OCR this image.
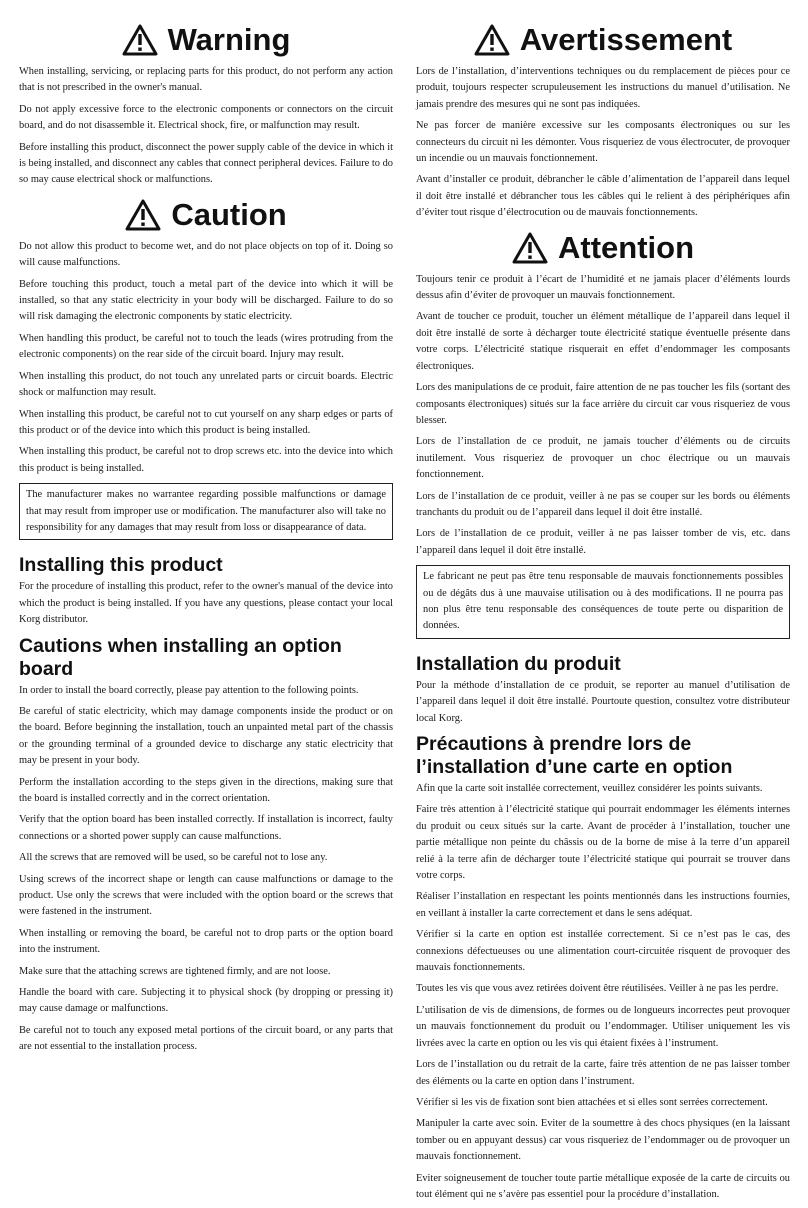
Warning

When installing, servicing, or replacing parts for this product, do not perform any action that is not prescribed in the owner's manual.

Do not apply excessive force to the electronic components or connectors on the circuit board, and do not disassemble it. Electrical shock, fire, or malfunction may result.

Before installing this product, disconnect the power supply cable of the device in which it is being installed, and disconnect any cables that connect peripheral devices. Failure to do so may cause electrical shock or malfunctions.

Caution

Do not allow this product to become wet, and do not place objects on top of it. Doing so will cause malfunctions.

Before touching this product, touch a metal part of the device into which it will be installed, so that any static electricity in your body will be discharged. Failure to do so will risk damaging the electronic components by static electricity.

When handling this product, be careful not to touch the leads (wires protruding from the electronic components) on the rear side of the circuit board. Injury may result.

When installing this product, do not touch any unrelated parts or circuit boards. Electric shock or malfunction may result.

When installing this product, be careful not to cut yourself on any sharp edges or parts of this product or of the device into which this product is being installed.

When installing this product, be careful not to drop screws etc. into the device into which this product is being installed.

The manufacturer makes no warrantee regarding possible malfunctions or damage that may result from improper use or modification. The manufacturer also will take no responsibility for any damages that may result from loss or disappearance of data.

Installing this product

For the procedure of installing this product, refer to the owner's manual of the device into which the product is being installed. If you have any questions, please contact your local Korg distributor.

Cautions when installing an option board

In order to install the board correctly, please pay attention to the following points.

Be careful of static electricity, which may damage components inside the product or on the board. Before beginning the installation, touch an unpainted metal part of the chassis or the grounding terminal of a grounded device to discharge any static electricity that may be present in your body.

Perform the installation according to the steps given in the directions, making sure that the board is installed correctly and in the correct orientation.

Verify that the option board has been installed correctly. If installation is incorrect, faulty connections or a shorted power supply can cause malfunctions.

All the screws that are removed will be used, so be careful not to lose any.

Using screws of the incorrect shape or length can cause malfunctions or damage to the product. Use only the screws that were included with the option board or the screws that were fastened in the instrument.

When installing or removing the board, be careful not to drop parts or the option board into the instrument.

Make sure that the attaching screws are tightened firmly, and are not loose.

Handle the board with care. Subjecting it to physical shock (by dropping or pressing it) may cause damage or malfunctions.

Be careful not to touch any exposed metal portions of the circuit board, or any parts that are not essential to the installation process.

Avertissement

Lors de l’installation, d’interventions techniques ou du remplacement de pièces pour ce produit, toujours respecter scrupuleusement les instructions du manuel d’utilisation. Ne jamais prendre des mesures qui ne sont pas indiquées.

Ne pas forcer de manière excessive sur les composants électroniques ou sur les connecteurs du circuit ni les démonter. Vous risqueriez de vous électrocuter, de provoquer un incendie ou un mauvais fonctionnement.

Avant d’installer ce produit, débrancher le câble d’alimentation de l’appareil dans lequel il doit être installé et débrancher tous les câbles qui le relient à des périphériques afin d’éviter tout risque d’électrocution ou de mauvais fonctionnements.

Attention

Toujours tenir ce produit à l’écart de l’humidité et ne jamais placer d’éléments lourds dessus afin d’éviter de provoquer un mauvais fonctionnement.

Avant de toucher ce produit, toucher un élément métallique de l’appareil dans lequel il doit être installé de sorte à décharger toute électricité statique éventuelle présente dans votre corps. L’électricité statique risquerait en effet d’endommager les composants électroniques.

Lors des manipulations de ce produit, faire attention de ne pas toucher les fils (sortant des composants électroniques) situés sur la face arrière du circuit car vous risqueriez de vous blesser.

Lors de l’installation de ce produit, ne jamais toucher d’éléments ou de circuits inutilement. Vous risqueriez de provoquer un choc électrique ou un mauvais fonctionnement.

Lors de l’installation de ce produit, veiller à ne pas se couper sur les bords ou éléments tranchants du produit ou de l’appareil dans lequel il doit être installé.

Lors de l’installation de ce produit, veiller à ne pas laisser tomber de vis, etc. dans l’appareil dans lequel il doit être installé.

Le fabricant ne peut pas être tenu responsable de mauvais fonctionnements possibles ou de dégâts dus à une mauvaise utilisation ou à des modifications. Il ne pourra pas non plus être tenu responsable des conséquences de toute perte ou disparition de données.

Installation du produit

Pour la méthode d’installation de ce produit, se reporter au manuel d’utilisation de l’appareil dans lequel il doit être installé. Pourtoute question, consultez votre distributeur local Korg.

Précautions à prendre lors de l’installation d’une carte en option

Afin que la carte soit installée correctement, veuillez considérer les points suivants.

Faire très attention à l’électricité statique qui pourrait endommager les éléments internes du produit ou ceux situés sur la carte. Avant de procéder à l’installation, toucher une partie métallique non peinte du châssis ou de la borne de mise à la terre d’un appareil relié à la terre afin de décharger toute l’électricité statique qui pourrait se trouver dans votre corps.

Réaliser l’installation en respectant les points mentionnés dans les instructions fournies, en veillant à installer la carte correctement et dans le sens adéquat.

Vérifier si la carte en option est installée correctement. Si ce n’est pas le cas, des connexions défectueuses ou une alimentation court-circuitée risquent de provoquer des mauvais fonctionnements.

Toutes les vis que vous avez retirées doivent être réutilisées. Veiller à ne pas les perdre.

L’utilisation de vis de dimensions, de formes ou de longueurs incorrectes peut provoquer un mauvais fonctionnement du produit ou l’endommager. Utiliser uniquement les vis livrées avec la carte en option ou les vis qui étaient fixées à l’instrument.

Lors de l’installation ou du retrait de la carte, faire très attention de ne pas laisser tomber des éléments ou la carte en option dans l’instrument.

Vérifier si les vis de fixation sont bien attachées et si elles sont serrées correctement.

Manipuler la carte avec soin. Eviter de la soumettre à des chocs physiques (en la laissant tomber ou en appuyant dessus) car vous risqueriez de l’endommager ou de provoquer un mauvais fonctionnement.

Eviter soigneusement de toucher toute partie métallique exposée de la carte de circuits ou tout élément qui ne s’avère pas essentiel pour la procédure d’installation.
